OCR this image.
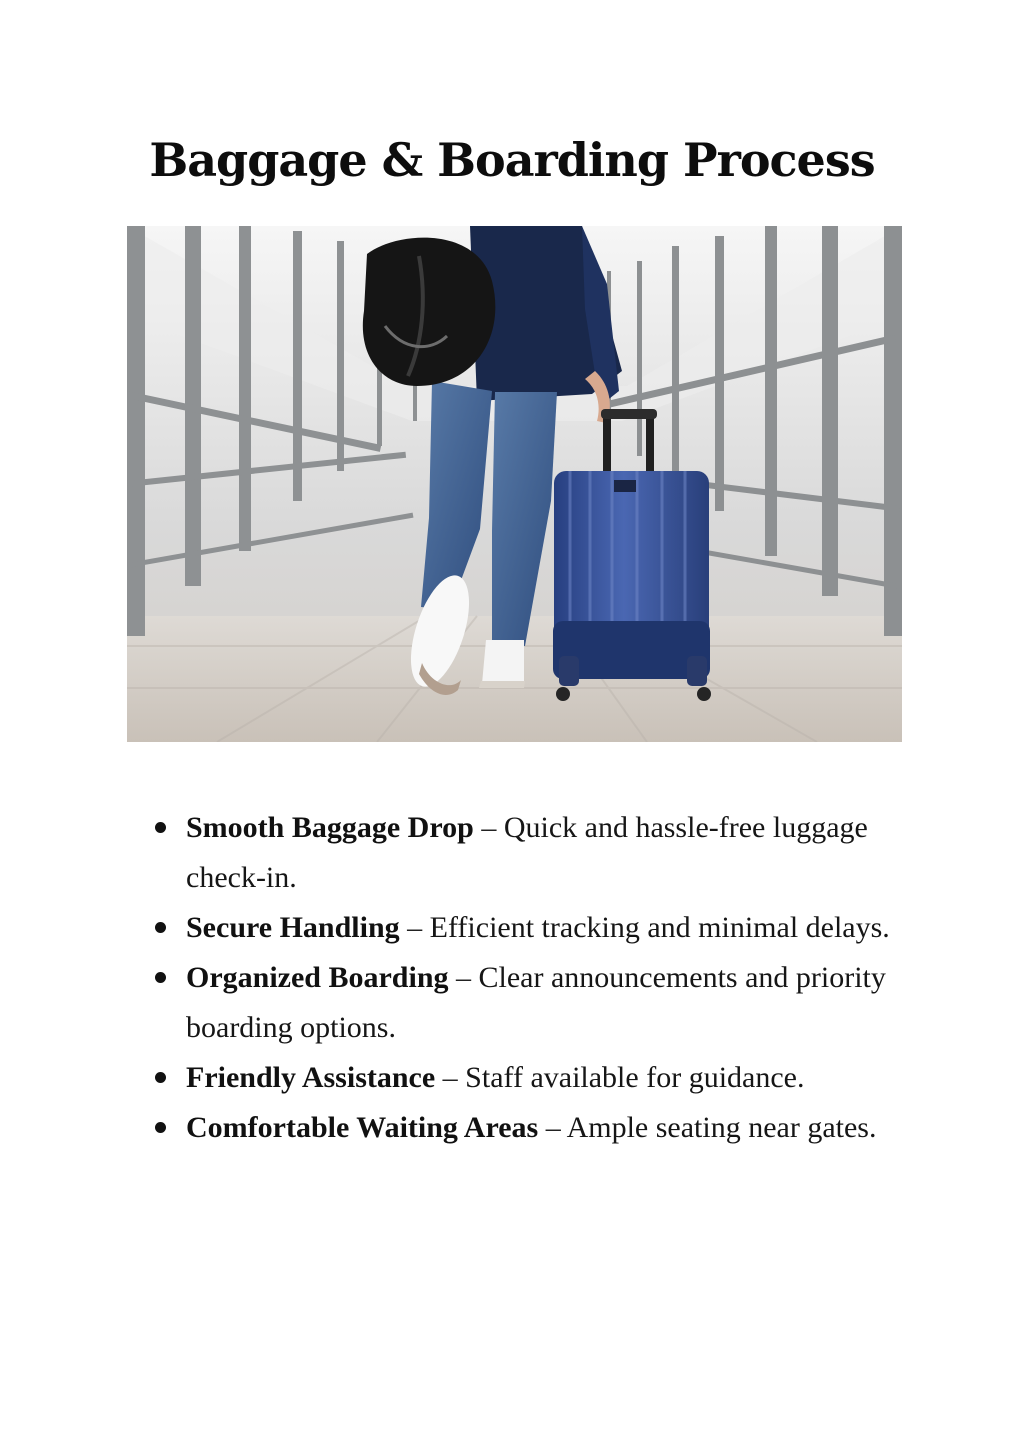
Baggage & Boarding Process
Smooth Baggage Drop – Quick and hassle-free luggage check-in.
Secure Handling – Efficient tracking and minimal delays.
Organized Boarding – Clear announcements and priority boarding options.
Friendly Assistance – Staff available for guidance.
Comfortable Waiting Areas – Ample seating near gates.
